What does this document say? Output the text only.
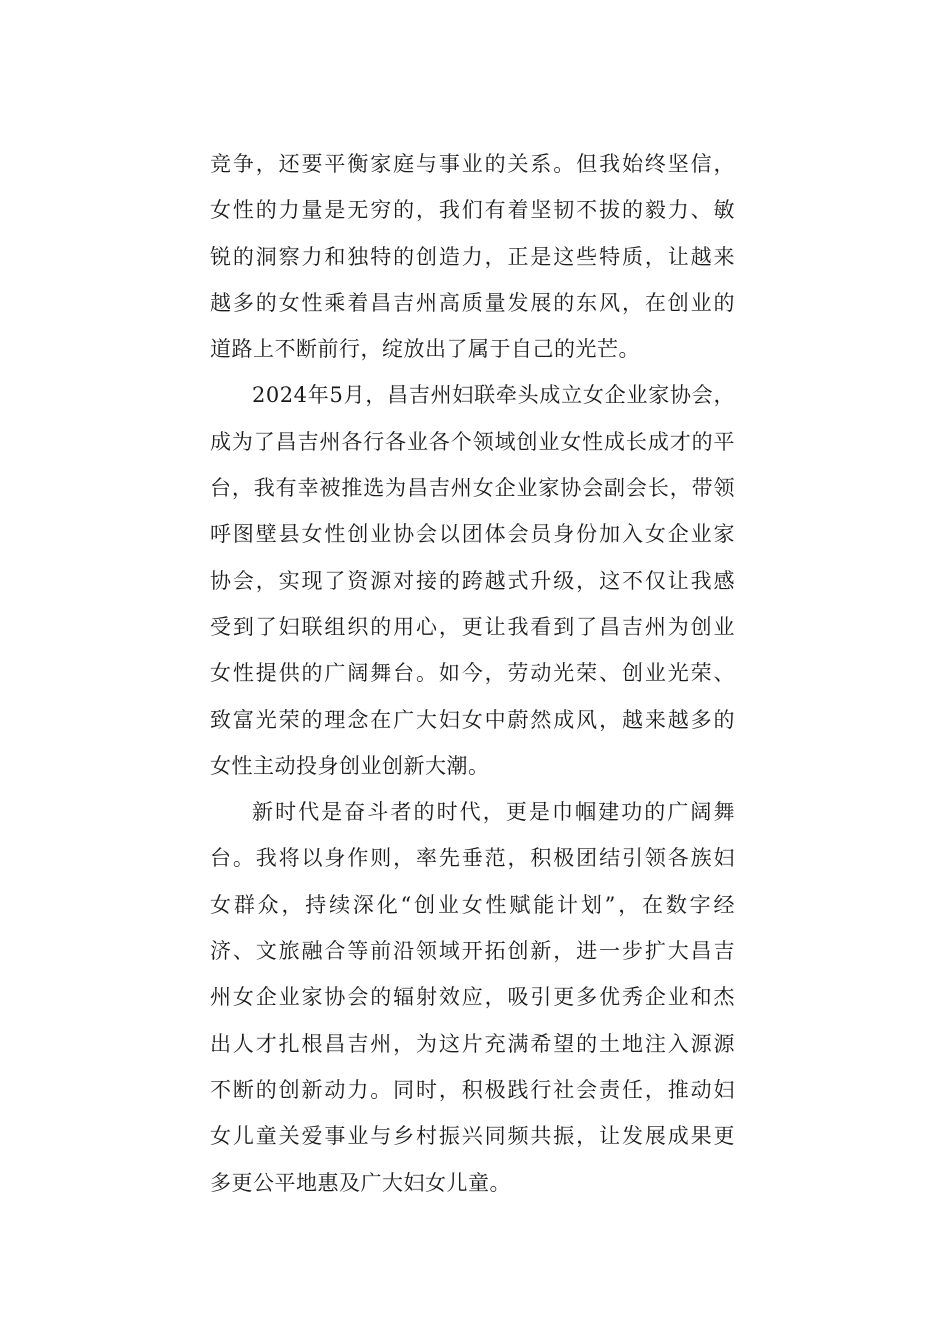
竞争，还要平衡家庭与事业的关系。但我始终坚信，
女性的力量是无穷的，我们有着坚韧不拔的毅力、敏
锐的洞察力和独特的创造力，正是这些特质，让越来
越多的女性乘着昌吉州高质量发展的东风，在创业的
道路上不断前行，绽放出了属于自己的光芒。
2024年5月，昌吉州妇联牵头成立女企业家协会，
成为了昌吉州各行各业各个领域创业女性成长成才的平
台，我有幸被推选为昌吉州女企业家协会副会长，带领
呼图壁县女性创业协会以团体会员身份加入女企业家
协会，实现了资源对接的跨越式升级，这不仅让我感
受到了妇联组织的用心，更让我看到了昌吉州为创业
女性提供的广阔舞台。如今，劳动光荣、创业光荣、
致富光荣的理念在广大妇女中蔚然成风，越来越多的
女性主动投身创业创新大潮。
新时代是奋斗者的时代，更是巾帼建功的广阔舞
台。我将以身作则，率先垂范，积极团结引领各族妇
女群众，持续深化“创业女性赋能计划”，在数字经
济、文旅融合等前沿领域开拓创新，进一步扩大昌吉
州女企业家协会的辐射效应，吸引更多优秀企业和杰
出人才扎根昌吉州，为这片充满希望的土地注入源源
不断的创新动力。同时，积极践行社会责任，推动妇
女儿童关爱事业与乡村振兴同频共振，让发展成果更
多更公平地惠及广大妇女儿童。
